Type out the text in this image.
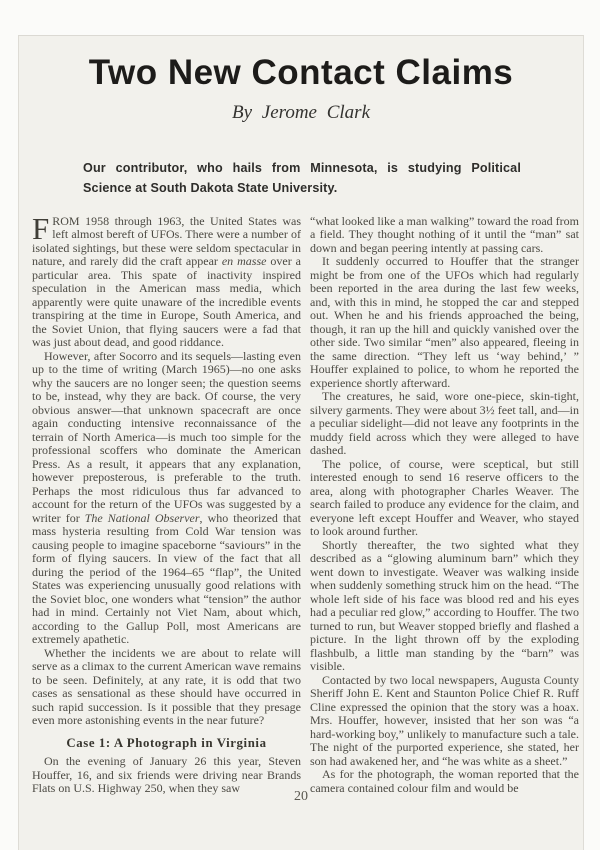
Two New Contact Claims
By Jerome Clark
Our contributor, who hails from Minnesota, is studying Political Science at South Dakota State University.

FROM 1958 through 1963, the United States was left almost bereft of UFOs. There were a number of isolated sightings, but these were seldom spectacular in nature, and rarely did the craft appear en masse over a particular area. This spate of inactivity inspired speculation in the American mass media, which apparently were quite unaware of the incredible events transpiring at the time in Europe, South America, and the Soviet Union, that flying saucers were a fad that was just about dead, and good riddance.

However, after Socorro and its sequels—lasting even up to the time of writing (March 1965)—no one asks why the saucers are no longer seen; the question seems to be, instead, why they are back. Of course, the very obvious answer—that unknown spacecraft are once again conducting intensive reconnaissance of the terrain of North America—is much too simple for the professional scoffers who dominate the American Press. As a result, it appears that any explanation, however preposterous, is preferable to the truth. Perhaps the most ridiculous thus far advanced to account for the return of the UFOs was suggested by a writer for The National Observer, who theorized that mass hysteria resulting from Cold War tension was causing people to imagine spaceborne “saviours” in the form of flying saucers. In view of the fact that all during the period of the 1964–65 “flap”, the United States was experiencing unusually good relations with the Soviet bloc, one wonders what “tension” the author had in mind. Certainly not Viet Nam, about which, according to the Gallup Poll, most Americans are extremely apathetic.

Whether the incidents we are about to relate will serve as a climax to the current American wave remains to be seen. Definitely, at any rate, it is odd that two cases as sensational as these should have occurred in such rapid succession. Is it possible that they presage even more astonishing events in the near future?

Case 1: A Photograph in Virginia

On the evening of January 26 this year, Steven Houffer, 16, and six friends were driving near Brands Flats on U.S. Highway 250, when they saw

“what looked like a man walking” toward the road from a field. They thought nothing of it until the “man” sat down and began peering intently at passing cars.

It suddenly occurred to Houffer that the stranger might be from one of the UFOs which had regularly been reported in the area during the last few weeks, and, with this in mind, he stopped the car and stepped out. When he and his friends approached the being, though, it ran up the hill and quickly vanished over the other side. Two similar “men” also appeared, fleeing in the same direction. “They left us ‘way behind,’ ” Houffer explained to police, to whom he reported the experience shortly afterward.

The creatures, he said, wore one-piece, skin-tight, silvery garments. They were about 3½ feet tall, and—in a peculiar sidelight—did not leave any footprints in the muddy field across which they were alleged to have dashed.

The police, of course, were sceptical, but still interested enough to send 16 reserve officers to the area, along with photographer Charles Weaver. The search failed to produce any evidence for the claim, and everyone left except Houffer and Weaver, who stayed to look around further.

Shortly thereafter, the two sighted what they described as a “glowing aluminum barn” which they went down to investigate. Weaver was walking inside when suddenly something struck him on the head. “The whole left side of his face was blood red and his eyes had a peculiar red glow,” according to Houffer. The two turned to run, but Weaver stopped briefly and flashed a picture. In the light thrown off by the exploding flashbulb, a little man standing by the “barn” was visible.

Contacted by two local newspapers, Augusta County Sheriff John E. Kent and Staunton Police Chief R. Ruff Cline expressed the opinion that the story was a hoax. Mrs. Houffer, however, insisted that her son was “a hard-working boy,” unlikely to manufacture such a tale. The night of the purported experience, she stated, her son had awakened her, and “he was white as a sheet.”

As for the photograph, the woman reported that the camera contained colour film and would be

20
